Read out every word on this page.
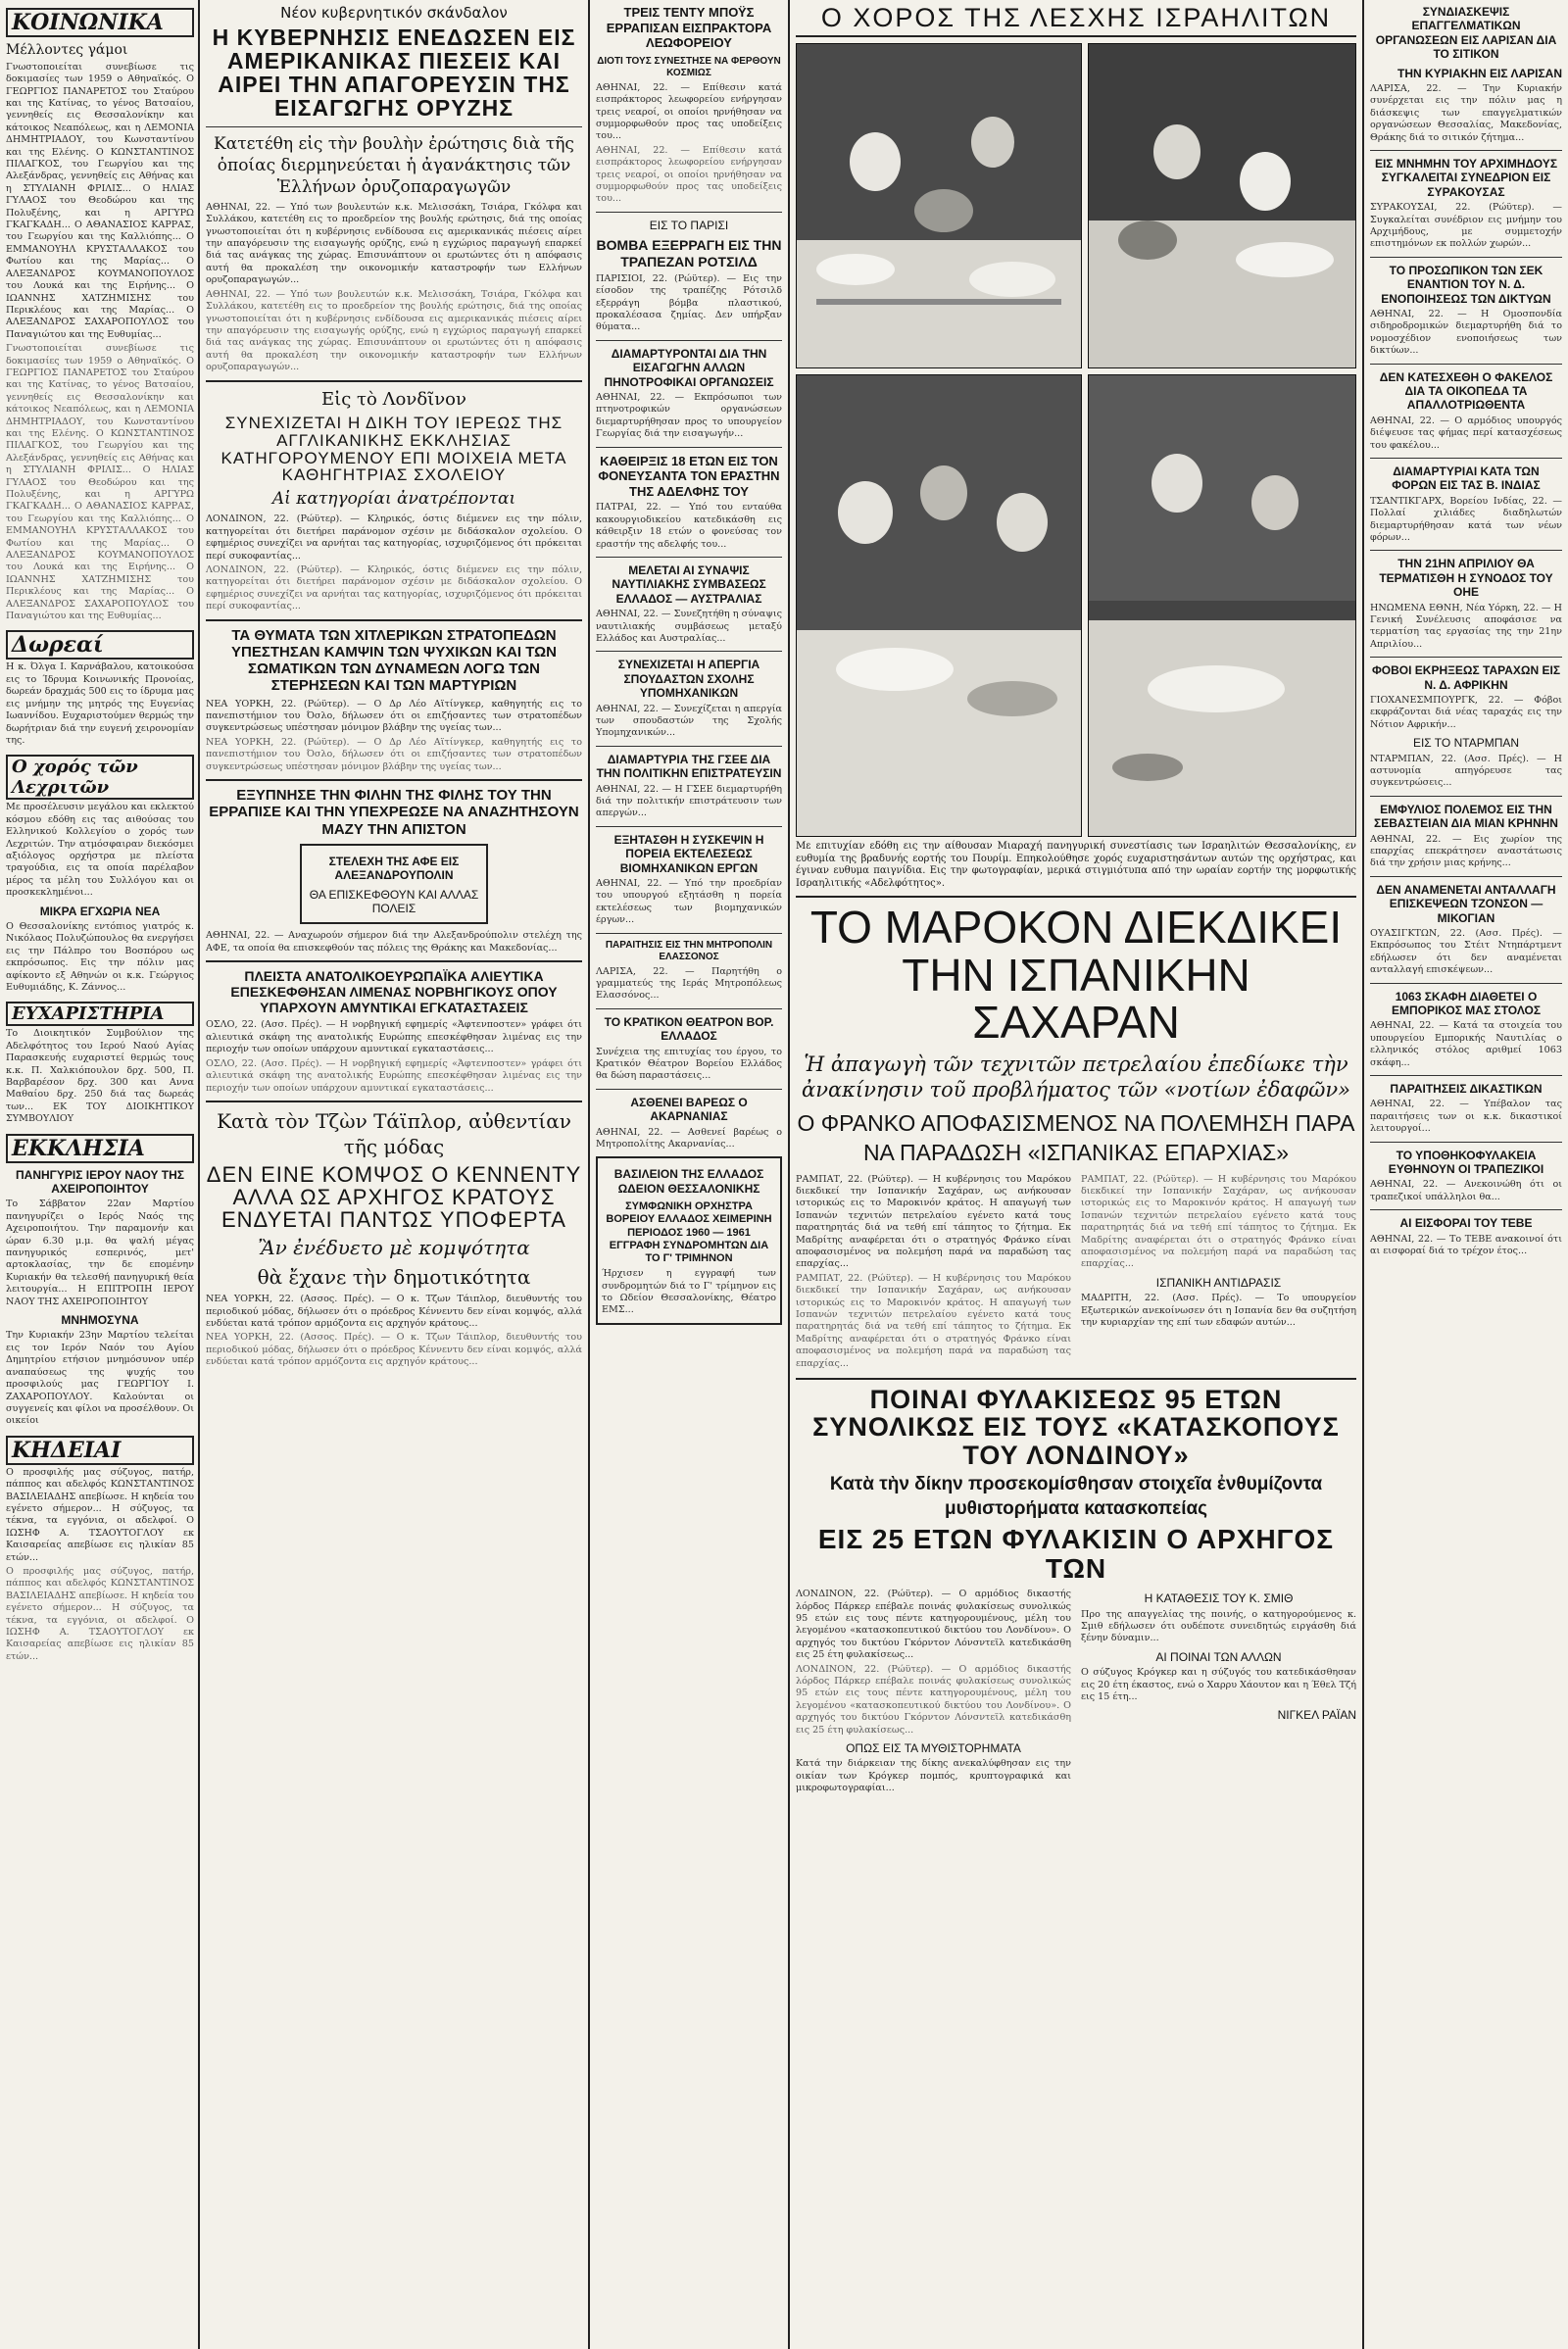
ΚΟΙΝΩΝΙΚΑ
Μέλλοντες γάμοι

Γνωστοποιείται συνεβίωσε τις δοκιμασίες των 1959 ο Αθηναϊκός. Ο ΓΕΩΡΓΙΟΣ ΠΑΝΑΡΕΤΟΣ του Σταύρου και της Κατίνας, το γένος Βατσαίου, γεννηθείς εις Θεσσαλονίκην και κάτοικος Νεαπόλεως, και η ΛΕΜΟΝΙΑ ΔΗΜΗΤΡΙΑΔΟΥ, του Κωνσταντίνου και της Ελένης. Ο ΚΩΝΣΤΑΝΤΙΝΟΣ ΠΙΛΑΓΚΟΣ, του Γεωργίου και της Αλεξάνδρας, γεννηθείς εις Αθήνας και η ΣΤΥΛΙΑΝΗ ΦΡΙΛΙΣ... Ο ΗΛΙΑΣ ΓΥΛΑΟΣ του Θεοδώρου και της Πολυξένης, και η ΑΡΓΥΡΩ ΓΚΑΓΚΑΔΗ... Ο ΑΘΑΝΑΣΙΟΣ ΚΑΡΡΑΣ, του Γεωργίου και της Καλλιόπης... Ο ΕΜΜΑΝΟΥΗΛ ΚΡΥΣΤΑΛΛΑΚΟΣ του Φωτίου και της Μαρίας... Ο ΑΛΕΞΑΝΔΡΟΣ ΚΟΥΜΑΝΟΠΟΥΛΟΣ του Λουκά και της Ειρήνης... Ο ΙΩΑΝΝΗΣ ΧΑΤΖΗΜΙΣΗΣ του Περικλέους και της Μαρίας... Ο ΑΛΕΞΑΝΔΡΟΣ ΣΑΧΑΡΟΠΟΥΛΟΣ του Παναγιώτου και της Ευθυμίας...

Γνωστοποιείται συνεβίωσε τις δοκιμασίες των 1959 ο Αθηναϊκός. Ο ΓΕΩΡΓΙΟΣ ΠΑΝΑΡΕΤΟΣ του Σταύρου και της Κατίνας, το γένος Βατσαίου, γεννηθείς εις Θεσσαλονίκην και κάτοικος Νεαπόλεως, και η ΛΕΜΟΝΙΑ ΔΗΜΗΤΡΙΑΔΟΥ, του Κωνσταντίνου και της Ελένης. Ο ΚΩΝΣΤΑΝΤΙΝΟΣ ΠΙΛΑΓΚΟΣ, του Γεωργίου και της Αλεξάνδρας, γεννηθείς εις Αθήνας και η ΣΤΥΛΙΑΝΗ ΦΡΙΛΙΣ... Ο ΗΛΙΑΣ ΓΥΛΑΟΣ του Θεοδώρου και της Πολυξένης, και η ΑΡΓΥΡΩ ΓΚΑΓΚΑΔΗ... Ο ΑΘΑΝΑΣΙΟΣ ΚΑΡΡΑΣ, του Γεωργίου και της Καλλιόπης... Ο ΕΜΜΑΝΟΥΗΛ ΚΡΥΣΤΑΛΛΑΚΟΣ του Φωτίου και της Μαρίας... Ο ΑΛΕΞΑΝΔΡΟΣ ΚΟΥΜΑΝΟΠΟΥΛΟΣ του Λουκά και της Ειρήνης... Ο ΙΩΑΝΝΗΣ ΧΑΤΖΗΜΙΣΗΣ του Περικλέους και της Μαρίας... Ο ΑΛΕΞΑΝΔΡΟΣ ΣΑΧΑΡΟΠΟΥΛΟΣ του Παναγιώτου και της Ευθυμίας...

Δωρεαί

Η κ. Όλγα Ι. Καρνάβαλου, κατοικούσα εις το Ίδρυμα Κοινωνικής Προνοίας, δωρεάν δραχμάς 500 εις το ίδρυμα μας εις μνήμην της μητρός της Ευγενίας Ιωαννίδου. Ευχαριστούμεν θερμώς την δωρήτριαν διά την ευγενή χειρονομίαν της.

Ο χορός τῶν Λεχριτῶν

Με προσέλευσιν μεγάλου και εκλεκτού κόσμου εδόθη εις τας αιθούσας του Ελληνικού Κολλεγίου ο χορός των Λεχριτών. Την ατμόσφαιραν διεκόσμει αξιόλογος ορχήστρα με πλείστα τραγούδια, εις τα οποία παρέλαβον μέρος τα μέλη του Συλλόγου και οι προσκεκλημένοι...

ΜΙΚΡΑ ΕΓΧΩΡΙΑ ΝΕΑ

Ο Θεσσαλονίκης εντόπιος γιατρός κ. Νικόλαος Πολυζώπουλος θα ενεργήσει εις την Πάλπρο του Βοσπόρου ως εκπρόσωπος. Εις την πόλιν μας αφίκοντο εξ Αθηνών οι κ.κ. Γεώργιος Ευθυμιάδης, Κ. Ζάννος...

ΕΥΧΑΡΙΣΤΗΡΙΑ

Το Διοικητικόν Συμβούλιον της Αδελφότητος του Ιερού Ναού Αγίας Παρασκευής ευχαριστεί θερμώς τους κ.κ. Π. Χαλκιόπουλον δρχ. 500, Π. Βαρβαρέσον δρχ. 300 και Αννα Μαθαίου δρχ. 250 διά τας δωρεάς των... ΕΚ ΤΟΥ ΔΙΟΙΚΗΤΙΚΟΥ ΣΥΜΒΟΥΛΙΟΥ

ΕΚΚΛΗΣΙΑ
ΠΑΝΗΓΥΡΙΣ ΙΕΡΟΥ ΝΑΟΥ ΤΗΣ ΑΧΕΙΡΟΠΟΙΗΤΟΥ

Το Σάββατον 22αν Μαρτίου πανηγυρίζει ο Ιερός Ναός της Αχειροποιήτου. Την παραμονήν και ώραν 6.30 μ.μ. θα ψαλή μέγας πανηγυρικός εσπερινός, μετ' αρτοκλασίας, την δε επομένην Κυριακήν θα τελεσθή πανηγυρική θεία λειτουργία... Η ΕΠΙΤΡΟΠΗ ΙΕΡΟΥ ΝΑΟΥ ΤΗΣ ΑΧΕΙΡΟΠΟΙΗΤΟΥ

ΜΝΗΜΟΣΥΝΑ

Την Κυριακήν 23ην Μαρτίου τελείται εις τον Ιερόν Ναόν του Αγίου Δημητρίου ετήσιον μνημόσυνον υπέρ αναπαύσεως της ψυχής του προσφιλούς μας ΓΕΩΡΓΙΟΥ Ι. ΖΑΧΑΡΟΠΟΥΛΟΥ. Καλούνται οι συγγενείς και φίλοι να προσέλθουν. Οι οικείοι

ΚΗΔΕΙΑΙ

Ο προσφιλής μας σύζυγος, πατήρ, πάππος και αδελφός ΚΩΝΣΤΑΝΤΙΝΟΣ ΒΑΣΙΛΕΙΑΔΗΣ απεβίωσε. Η κηδεία του εγένετο σήμερον... Η σύζυγος, τα τέκνα, τα εγγόνια, οι αδελφοί. Ο ΙΩΣΗΦ Α. ΤΣΑΟΥΤΟΓΛΟΥ εκ Καισαρείας απεβίωσε εις ηλικίαν 85 ετών...

Ο προσφιλής μας σύζυγος, πατήρ, πάππος και αδελφός ΚΩΝΣΤΑΝΤΙΝΟΣ ΒΑΣΙΛΕΙΑΔΗΣ απεβίωσε. Η κηδεία του εγένετο σήμερον... Η σύζυγος, τα τέκνα, τα εγγόνια, οι αδελφοί. Ο ΙΩΣΗΦ Α. ΤΣΑΟΥΤΟΓΛΟΥ εκ Καισαρείας απεβίωσε εις ηλικίαν 85 ετών...

Νέον κυβερνητικόν σκάνδαλον
Η ΚΥΒΕΡΝΗΣΙΣ ΕΝΕΔΩΣΕΝ ΕΙΣ ΑΜΕΡΙΚΑΝΙΚΑΣ ΠΙΕΣΕΙΣ ΚΑΙ ΑΙΡΕΙ ΤΗΝ ΑΠΑΓΟΡΕΥΣΙΝ ΤΗΣ ΕΙΣΑΓΩΓΗΣ ΟΡΥΖΗΣ
Κατετέθη εἰς τὴν βουλὴν ἐρώτησις διὰ τῆς ὁποίας διερμηνεύεται ἡ ἀγανάκτησις τῶν Ἑλλήνων ὀρυζοπαραγωγῶν

ΑΘΗΝΑΙ, 22. — Υπό των βουλευτών κ.κ. Μελισσάκη, Τσιάρα, Γκόλφα και Συλλάκου, κατετέθη εις το προεδρείον της βουλής ερώτησις, διά της οποίας γνωστοποιείται ότι η κυβέρνησις ενδίδουσα εις αμερικανικάς πιέσεις αίρει την απαγόρευσιν της εισαγωγής ορύζης, ενώ η εγχώριος παραγωγή επαρκεί διά τας ανάγκας της χώρας. Επισυνάπτουν οι ερωτώντες ότι η απόφασις αυτή θα προκαλέση την οικονομικήν καταστροφήν των Ελλήνων ορυζοπαραγωγών...

ΑΘΗΝΑΙ, 22. — Υπό των βουλευτών κ.κ. Μελισσάκη, Τσιάρα, Γκόλφα και Συλλάκου, κατετέθη εις το προεδρείον της βουλής ερώτησις, διά της οποίας γνωστοποιείται ότι η κυβέρνησις ενδίδουσα εις αμερικανικάς πιέσεις αίρει την απαγόρευσιν της εισαγωγής ορύζης, ενώ η εγχώριος παραγωγή επαρκεί διά τας ανάγκας της χώρας. Επισυνάπτουν οι ερωτώντες ότι η απόφασις αυτή θα προκαλέση την οικονομικήν καταστροφήν των Ελλήνων ορυζοπαραγωγών...

Εἰς τὸ Λονδῖνον
ΣΥΝΕΧΙΖΕΤΑΙ Η ΔΙΚΗ ΤΟΥ ΙΕΡΕΩΣ ΤΗΣ ΑΓΓΛΙΚΑΝΙΚΗΣ ΕΚΚΛΗΣΙΑΣ ΚΑΤΗΓΟΡΟΥΜΕΝΟΥ ΕΠΙ ΜΟΙΧΕΙΑ ΜΕΤΑ ΚΑΘΗΓΗΤΡΙΑΣ ΣΧΟΛΕΙΟΥ
Αἱ κατηγορίαι ἀνατρέπονται

ΛΟΝΔΙΝΟΝ, 22. (Ρώϋτερ). — Κληρικός, όστις διέμενεν εις την πόλιν, κατηγορείται ότι διετήρει παράνομον σχέσιν με διδάσκαλον σχολείου. Ο εφημέριος συνεχίζει να αρνήται τας κατηγορίας, ισχυριζόμενος ότι πρόκειται περί συκοφαντίας...

ΛΟΝΔΙΝΟΝ, 22. (Ρώϋτερ). — Κληρικός, όστις διέμενεν εις την πόλιν, κατηγορείται ότι διετήρει παράνομον σχέσιν με διδάσκαλον σχολείου. Ο εφημέριος συνεχίζει να αρνήται τας κατηγορίας, ισχυριζόμενος ότι πρόκειται περί συκοφαντίας...

ΤΑ ΘΥΜΑΤΑ ΤΩΝ ΧΙΤΛΕΡΙΚΩΝ ΣΤΡΑΤΟΠΕΔΩΝ ΥΠΕΣΤΗΣΑΝ ΚΑΜΨΙΝ ΤΩΝ ΨΥΧΙΚΩΝ ΚΑΙ ΤΩΝ ΣΩΜΑΤΙΚΩΝ ΤΩΝ ΔΥΝΑΜΕΩΝ ΛΟΓΩ ΤΩΝ ΣΤΕΡΗΣΕΩΝ ΚΑΙ ΤΩΝ ΜΑΡΤΥΡΙΩΝ

ΝΕΑ ΥΟΡΚΗ, 22. (Ρώϋτερ). — Ο Δρ Λέο Αϊτίνγκερ, καθηγητής εις το πανεπιστήμιον του Όσλο, δήλωσεν ότι οι επιζήσαντες των στρατοπέδων συγκεντρώσεως υπέστησαν μόνιμον βλάβην της υγείας των...

ΝΕΑ ΥΟΡΚΗ, 22. (Ρώϋτερ). — Ο Δρ Λέο Αϊτίνγκερ, καθηγητής εις το πανεπιστήμιον του Όσλο, δήλωσεν ότι οι επιζήσαντες των στρατοπέδων συγκεντρώσεως υπέστησαν μόνιμον βλάβην της υγείας των...

ΕΞΥΠΝΗΣΕ ΤΗΝ ΦΙΛΗΝ ΤΗΣ ΦΙΛΗΣ ΤΟΥ ΤΗΝ ΕΡΡΑΠΙΣΕ ΚΑΙ ΤΗΝ ΥΠΕΧΡΕΩΣΕ ΝΑ ΑΝΑΖΗΤΗΣΟΥΝ ΜΑΖΥ ΤΗΝ ΑΠΙΣΤΟΝ
ΣΤΕΛΕΧΗ ΤΗΣ ΑΦΕ ΕΙΣ ΑΛΕΞΑΝΔΡΟΥΠΟΛΙΝ
ΘΑ ΕΠΙΣΚΕΦΘΟΥΝ ΚΑΙ ΑΛΛΑΣ ΠΟΛΕΙΣ

ΑΘΗΝΑΙ, 22. — Αναχωρούν σήμερον διά την Αλεξανδρούπολιν στελέχη της ΑΦΕ, τα οποία θα επισκεφθούν τας πόλεις της Θράκης και Μακεδονίας...

ΠΛΕΙΣΤΑ ΑΝΑΤΟΛΙΚΟΕΥΡΩΠΑΪΚΑ ΑΛΙΕΥΤΙΚΑ ΕΠΕΣΚΕΦΘΗΣΑΝ ΛΙΜΕΝΑΣ ΝΟΡΒΗΓΙΚΟΥΣ ΟΠΟΥ ΥΠΑΡΧΟΥΝ ΑΜΥΝΤΙΚΑΙ ΕΓΚΑΤΑΣΤΑΣΕΙΣ

ΟΣΛΟ, 22. (Ασσ. Πρές). — Η νορβηγική εφημερίς «Άφτενποστεν» γράφει ότι αλιευτικά σκάφη της ανατολικής Ευρώπης επεσκέφθησαν λιμένας εις την περιοχήν των οποίων υπάρχουν αμυντικαί εγκαταστάσεις...

ΟΣΛΟ, 22. (Ασσ. Πρές). — Η νορβηγική εφημερίς «Άφτενποστεν» γράφει ότι αλιευτικά σκάφη της ανατολικής Ευρώπης επεσκέφθησαν λιμένας εις την περιοχήν των οποίων υπάρχουν αμυντικαί εγκαταστάσεις...

Κατὰ τὸν Τζὼν Τάϊπλορ, αὐθεντίαν τῆς μόδας
ΔΕΝ ΕΙΝΕ ΚΟΜΨΟΣ Ο ΚΕΝΝΕΝΤΥ ΑΛΛΑ ΩΣ ΑΡΧΗΓΟΣ ΚΡΑΤΟΥΣ ΕΝΔΥΕΤΑΙ ΠΑΝΤΩΣ ΥΠΟΦΕΡΤΑ
Ἂν ἐνέδυετο μὲ κομψότητα
θὰ ἔχανε τὴν δημοτικότητα

ΝΕΑ ΥΟΡΚΗ, 22. (Ασσος. Πρές). — Ο κ. Τζων Τάιπλορ, διευθυντής του περιοδικού μόδας, δήλωσεν ότι ο πρόεδρος Κέννεντυ δεν είναι κομψός, αλλά ενδύεται κατά τρόπον αρμόζοντα εις αρχηγόν κράτους...

ΝΕΑ ΥΟΡΚΗ, 22. (Ασσος. Πρές). — Ο κ. Τζων Τάιπλορ, διευθυντής του περιοδικού μόδας, δήλωσεν ότι ο πρόεδρος Κέννεντυ δεν είναι κομψός, αλλά ενδύεται κατά τρόπον αρμόζοντα εις αρχηγόν κράτους...

ΤΡΕΙΣ ΤΕΝΤΥ ΜΠΟΫΣ ΕΡΡΑΠΙΣΑΝ ΕΙΣΠΡΑΚΤΟΡΑ ΛΕΩΦΟΡΕΙΟΥ
ΔΙΟΤΙ ΤΟΥΣ ΣΥΝΕΣΤΗΣΕ ΝΑ ΦΕΡΘΟΥΝ ΚΟΣΜΙΩΣ

ΑΘΗΝΑΙ, 22. — Επίθεσιν κατά εισπράκτορος λεωφορείου ενήργησαν τρεις νεαροί, οι οποίοι ηρνήθησαν να συμμορφωθούν προς τας υποδείξεις του...

ΑΘΗΝΑΙ, 22. — Επίθεσιν κατά εισπράκτορος λεωφορείου ενήργησαν τρεις νεαροί, οι οποίοι ηρνήθησαν να συμμορφωθούν προς τας υποδείξεις του...

ΕΙΣ ΤΟ ΠΑΡΙΣΙ
ΒΟΜΒΑ ΕΞΕΡΡΑΓΗ ΕΙΣ ΤΗΝ ΤΡΑΠΕΖΑΝ ΡΟΤΣΙΛΔ

ΠΑΡΙΣΙΟΙ, 22. (Ρώϋτερ). — Εις την είσοδον της τραπέζης Ρότσιλδ εξερράγη βόμβα πλαστικού, προκαλέσασα ζημίας. Δεν υπήρξαν θύματα...

ΔΙΑΜΑΡΤΥΡΟΝΤΑΙ ΔΙΑ ΤΗΝ ΕΙΣΑΓΩΓΗΝ ΑΛΛΩΝ ΠΗΝΟΤΡΟΦΙΚΑΙ ΟΡΓΑΝΩΣΕΙΣ

ΑΘΗΝΑΙ, 22. — Εκπρόσωποι των πτηνοτροφικών οργανώσεων διεμαρτυρήθησαν προς το υπουργείον Γεωργίας διά την εισαγωγήν...

ΚΑΘΕΙΡΞΙΣ 18 ΕΤΩΝ ΕΙΣ ΤΟΝ ΦΟΝΕΥΣΑΝΤΑ ΤΟΝ ΕΡΑΣΤΗΝ ΤΗΣ ΑΔΕΛΦΗΣ ΤΟΥ

ΠΑΤΡΑΙ, 22. — Υπό του ενταύθα κακουργιοδικείου κατεδικάσθη εις κάθειρξιν 18 ετών ο φονεύσας τον εραστήν της αδελφής του...

ΜΕΛΕΤΑΙ ΑΙ ΣΥΝΑΨΙΣ ΝΑΥΤΙΛΙΑΚΗΣ ΣΥΜΒΑΣΕΩΣ ΕΛΛΑΔΟΣ — ΑΥΣΤΡΑΛΙΑΣ

ΑΘΗΝΑΙ, 22. — Συνεζητήθη η σύναψις ναυτιλιακής συμβάσεως μεταξύ Ελλάδος και Αυστραλίας...

ΣΥΝΕΧΙΖΕΤΑΙ Η ΑΠΕΡΓΙΑ ΣΠΟΥΔΑΣΤΩΝ ΣΧΟΛΗΣ ΥΠΟΜΗΧΑΝΙΚΩΝ

ΑΘΗΝΑΙ, 22. — Συνεχίζεται η απεργία των σπουδαστών της Σχολής Υπομηχανικών...

ΔΙΑΜΑΡΤΥΡΙΑ ΤΗΣ ΓΣΕΕ ΔΙΑ ΤΗΝ ΠΟΛΙΤΙΚΗΝ ΕΠΙΣΤΡΑΤΕΥΣΙΝ

ΑΘΗΝΑΙ, 22. — Η ΓΣΕΕ διεμαρτυρήθη διά την πολιτικήν επιστράτευσιν των απεργών...

ΕΞΗΤΑΣΘΗ Η ΣΥΣΚΕΨΙΝ Η ΠΟΡΕΙΑ ΕΚΤΕΛΕΣΕΩΣ ΒΙΟΜΗΧΑΝΙΚΩΝ ΕΡΓΩΝ

ΑΘΗΝΑΙ, 22. — Υπό την προεδρίαν του υπουργού εξητάσθη η πορεία εκτελέσεως των βιομηχανικών έργων...

ΠΑΡΑΙΤΗΣΙΣ ΕΙΣ ΤΗΝ ΜΗΤΡΟΠΟΛΙΝ ΕΛΑΣΣΟΝΟΣ

ΛΑΡΙΣΑ, 22. — Παρητήθη ο γραμματεύς της Ιεράς Μητροπόλεως Ελασσόνος...

ΤΟ ΚΡΑΤΙΚΟΝ ΘΕΑΤΡΟΝ ΒΟΡ. ΕΛΛΑΔΟΣ

Συνέχεια της επιτυχίας του έργου, το Κρατικόν Θέατρον Βορείου Ελλάδος θα δώση παραστάσεις...

ΑΣΘΕΝΕΙ ΒΑΡΕΩΣ Ο ΑΚΑΡΝΑΝΙΑΣ

ΑΘΗΝΑΙ, 22. — Ασθενεί βαρέως ο Μητροπολίτης Ακαρνανίας...

ΒΑΣΙΛΕΙΟΝ ΤΗΣ ΕΛΛΑΔΟΣ ΩΔΕΙΟΝ ΘΕΣΣΑΛΟΝΙΚΗΣ
ΣΥΜΦΩΝΙΚΗ ΟΡΧΗΣΤΡΑ ΒΟΡΕΙΟΥ ΕΛΛΑΔΟΣ ΧΕΙΜΕΡΙΝΗ ΠΕΡΙΟΔΟΣ 1960 — 1961 ΕΓΓΡΑΦΗ ΣΥΝΔΡΟΜΗΤΩΝ ΔΙΑ ΤΟ Γ' ΤΡΙΜΗΝΟΝ

Ήρχισεν η εγγραφή των συνδρομητών διά το Γ' τρίμηνον εις το Ωδείον Θεσσαλονίκης, Θέατρο ΕΜΣ...

Ο ΧΟΡΟΣ ΤΗΣ ΛΕΣΧΗΣ ΙΣΡΑΗΛΙΤΩΝ

Με επιτυχίαν εδόθη εις την αίθουσαν Μιαραχή πανηγυρική συνεστίασις των Ισραηλιτών Θεσσαλονίκης, εν ευθυμία της βραδυνής εορτής του Πουρίμ. Επηκολούθησε χορός ευχαριστησάντων αυτών της ορχήστρας, και έγιναν ευθυμα παιγνίδια. Εις την φωτογραφίαν, μερικά στιγμιότυπα από την ωραίαν εορτήν της μορφωτικής Ισραηλιτικής «Αδελφότητος».

ΤΟ ΜΑΡΟΚΟΝ ΔΙΕΚΔΙΚΕΙ ΤΗΝ ΙΣΠΑΝΙΚΗΝ ΣΑΧΑΡΑΝ
Ἡ ἀπαγωγὴ τῶν τεχνιτῶν πετρελαίου ἐπεδίωκε τὴν ἀνακίνησιν τοῦ προβλήματος τῶν «νοτίων ἐδαφῶν»
Ο ΦΡΑΝΚΟ ΑΠΟΦΑΣΙΣΜΕΝΟΣ ΝΑ ΠΟΛΕΜΗΣΗ ΠΑΡΑ ΝΑ ΠΑΡΑΔΩΣΗ «ΙΣΠΑΝΙΚΑΣ ΕΠΑΡΧΙΑΣ»

ΡΑΜΠΑΤ, 22. (Ρώϋτερ). — Η κυβέρνησις του Μαρόκου διεκδικεί την Ισπανικήν Σαχάραν, ως ανήκουσαν ιστορικώς εις το Μαροκινόν κράτος. Η απαγωγή των Ισπανών τεχνιτών πετρελαίου εγένετο κατά τους παρατηρητάς διά να τεθή επί τάπητος το ζήτημα. Εκ Μαδρίτης αναφέρεται ότι ο στρατηγός Φράνκο είναι αποφασισμένος να πολεμήση παρά να παραδώση τας επαρχίας...

ΡΑΜΠΑΤ, 22. (Ρώϋτερ). — Η κυβέρνησις του Μαρόκου διεκδικεί την Ισπανικήν Σαχάραν, ως ανήκουσαν ιστορικώς εις το Μαροκινόν κράτος. Η απαγωγή των Ισπανών τεχνιτών πετρελαίου εγένετο κατά τους παρατηρητάς διά να τεθή επί τάπητος το ζήτημα. Εκ Μαδρίτης αναφέρεται ότι ο στρατηγός Φράνκο είναι αποφασισμένος να πολεμήση παρά να παραδώση τας επαρχίας...

ΡΑΜΠΑΤ, 22. (Ρώϋτερ). — Η κυβέρνησις του Μαρόκου διεκδικεί την Ισπανικήν Σαχάραν, ως ανήκουσαν ιστορικώς εις το Μαροκινόν κράτος. Η απαγωγή των Ισπανών τεχνιτών πετρελαίου εγένετο κατά τους παρατηρητάς διά να τεθή επί τάπητος το ζήτημα. Εκ Μαδρίτης αναφέρεται ότι ο στρατηγός Φράνκο είναι αποφασισμένος να πολεμήση παρά να παραδώση τας επαρχίας...

ΙΣΠΑΝΙΚΗ ΑΝΤΙΔΡΑΣΙΣ

ΜΑΔΡΙΤΗ, 22. (Ασσ. Πρές). — Το υπουργείον Εξωτερικών ανεκοίνωσεν ότι η Ισπανία δεν θα συζητήση την κυριαρχίαν της επί των εδαφών αυτών...

ΠΟΙΝΑΙ ΦΥΛΑΚΙΣΕΩΣ 95 ΕΤΩΝ ΣΥΝΟΛΙΚΩΣ ΕΙΣ ΤΟΥΣ «ΚΑΤΑΣΚΟΠΟΥΣ ΤΟΥ ΛΟΝΔΙΝΟΥ»
Κατὰ τὴν δίκην προσεκομίσθησαν στοιχεῖα ἐνθυμίζοντα μυθιστορήματα κατασκοπείας
ΕΙΣ 25 ΕΤΩΝ ΦΥΛΑΚΙΣΙΝ Ο ΑΡΧΗΓΟΣ ΤΩΝ

ΛΟΝΔΙΝΟΝ, 22. (Ρώϋτερ). — Ο αρμόδιος δικαστής λόρδος Πάρκερ επέβαλε ποινάς φυλακίσεως συνολικώς 95 ετών εις τους πέντε κατηγορουμένους, μέλη του λεγομένου «κατασκοπευτικού δικτύου του Λονδίνου». Ο αρχηγός του δικτύου Γκόρντον Λόνσντεϊλ κατεδικάσθη εις 25 έτη φυλακίσεως...

ΛΟΝΔΙΝΟΝ, 22. (Ρώϋτερ). — Ο αρμόδιος δικαστής λόρδος Πάρκερ επέβαλε ποινάς φυλακίσεως συνολικώς 95 ετών εις τους πέντε κατηγορουμένους, μέλη του λεγομένου «κατασκοπευτικού δικτύου του Λονδίνου». Ο αρχηγός του δικτύου Γκόρντον Λόνσντεϊλ κατεδικάσθη εις 25 έτη φυλακίσεως...

ΟΠΩΣ ΕΙΣ ΤΑ ΜΥΘΙΣΤΟΡΗΜΑΤΑ

Κατά την διάρκειαν της δίκης ανεκαλύφθησαν εις την οικίαν των Κρόγκερ πομπός, κρυπτογραφικά και μικροφωτογραφίαι...

Η ΚΑΤΑΘΕΣΙΣ ΤΟΥ Κ. ΣΜΙΘ

Προ της απαγγελίας της ποινής, ο κατηγορούμενος κ. Σμιθ εδήλωσεν ότι ουδέποτε συνειδητώς ειργάσθη διά ξένην δύναμιν...

ΑΙ ΠΟΙΝΑΙ ΤΩΝ ΑΛΛΩΝ

Ο σύζυγος Κρόγκερ και η σύζυγός του κατεδικάσθησαν εις 20 έτη έκαστος, ενώ ο Χαρρυ Χάουτον και η Έθελ Τζή εις 15 έτη...

ΝΙΓΚΕΛ ΡΑΪΑΝ
ΣΥΝΔΙΑΣΚΕΨΙΣ ΕΠΑΓΓΕΛΜΑΤΙΚΩΝ ΟΡΓΑΝΩΣΕΩΝ ΕΙΣ ΛΑΡΙΣΑΝ ΔΙΑ ΤΟ ΣΙΤΙΚΟΝ
ΤΗΝ ΚΥΡΙΑΚΗΝ ΕΙΣ ΛΑΡΙΣΑΝ

ΛΑΡΙΣΑ, 22. — Την Κυριακήν συνέρχεται εις την πόλιν μας η διάσκεψις των επαγγελματικών οργανώσεων Θεσσαλίας, Μακεδονίας, Θράκης διά το σιτικόν ζήτημα...

ΕΙΣ ΜΝΗΜΗΝ ΤΟΥ ΑΡΧΙΜΗΔΟΥΣ ΣΥΓΚΑΛΕΙΤΑΙ ΣΥΝΕΔΡΙΟΝ ΕΙΣ ΣΥΡΑΚΟΥΣΑΣ

ΣΥΡΑΚΟΥΣΑΙ, 22. (Ρώϋτερ). — Συγκαλείται συνέδριον εις μνήμην του Αρχιμήδους, με συμμετοχήν επιστημόνων εκ πολλών χωρών...

ΤΟ ΠΡΟΣΩΠΙΚΟΝ ΤΩΝ ΣΕΚ ΕΝΑΝΤΙΟΝ ΤΟΥ Ν. Δ. ΕΝΟΠΟΙΗΣΕΩΣ ΤΩΝ ΔΙΚΤΥΩΝ

ΑΘΗΝΑΙ, 22. — Η Ομοσπονδία σιδηροδρομικών διεμαρτυρήθη διά το νομοσχέδιον ενοποιήσεως των δικτύων...

ΔΕΝ ΚΑΤΕΣΧΕΘΗ Ο ΦΑΚΕΛΟΣ ΔΙΑ ΤΑ ΟΙΚΟΠΕΔΑ ΤΑ ΑΠΑΛΛΟΤΡΙΩΘΕΝΤΑ

ΑΘΗΝΑΙ, 22. — Ο αρμόδιος υπουργός διέψευσε τας φήμας περί κατασχέσεως του φακέλου...

ΔΙΑΜΑΡΤΥΡΙΑΙ ΚΑΤΑ ΤΩΝ ΦΟΡΩΝ ΕΙΣ ΤΑΣ Β. ΙΝΔΙΑΣ

ΤΣΑΝΤΙΚΓΑΡΧ, Βορείου Ινδίας, 22. — Πολλαί χιλιάδες διαδηλωτών διεμαρτυρήθησαν κατά των νέων φόρων...

ΤΗΝ 21ΗΝ ΑΠΡΙΛΙΟΥ ΘΑ ΤΕΡΜΑΤΙΣΘΗ Η ΣΥΝΟΔΟΣ ΤΟΥ ΟΗΕ

ΗΝΩΜΕΝΑ ΕΘΝΗ, Νέα Υόρκη, 22. — Η Γενική Συνέλευσις αποφάσισε να τερματίση τας εργασίας της την 21ην Απριλίου...

ΦΟΒΟΙ ΕΚΡΗΞΕΩΣ ΤΑΡΑΧΩΝ ΕΙΣ Ν. Δ. ΑΦΡΙΚΗΝ

ΓΙΟΧΑΝΕΣΜΠΟΥΡΓΚ, 22. — Φόβοι εκφράζονται διά νέας ταραχάς εις την Νότιον Αφρικήν...

ΕΙΣ ΤΟ ΝΤΑΡΜΠΑΝ

ΝΤΑΡΜΠΑΝ, 22. (Ασσ. Πρές). — Η αστυνομία απηγόρευσε τας συγκεντρώσεις...

ΕΜΦΥΛΙΟΣ ΠΟΛΕΜΟΣ ΕΙΣ ΤΗΝ ΣΕΒΑΣΤΕΙΑΝ ΔΙΑ ΜΙΑΝ ΚΡΗΝΗΝ

ΑΘΗΝΑΙ, 22. — Εις χωρίον της επαρχίας επεκράτησεν αναστάτωσις διά την χρήσιν μιας κρήνης...

ΔΕΝ ΑΝΑΜΕΝΕΤΑΙ ΑΝΤΑΛΛΑΓΗ ΕΠΙΣΚΕΨΕΩΝ ΤΖΟΝΣΟΝ — ΜΙΚΟΓΙΑΝ

ΟΥΑΣΙΓΚΤΩΝ, 22. (Ασσ. Πρές). — Εκπρόσωπος του Στέιτ Ντηπάρτμεντ εδήλωσεν ότι δεν αναμένεται ανταλλαγή επισκέψεων...

1063 ΣΚΑΦΗ ΔΙΑΘΕΤΕΙ Ο ΕΜΠΟΡΙΚΟΣ ΜΑΣ ΣΤΟΛΟΣ

ΑΘΗΝΑΙ, 22. — Κατά τα στοιχεία του υπουργείου Εμπορικής Ναυτιλίας ο ελληνικός στόλος αριθμεί 1063 σκάφη...

ΠΑΡΑΙΤΗΣΕΙΣ ΔΙΚΑΣΤΙΚΩΝ

ΑΘΗΝΑΙ, 22. — Υπέβαλον τας παραιτήσεις των οι κ.κ. δικαστικοί λειτουργοί...

ΤΟ ΥΠΟΘΗΚΟΦΥΛΑΚΕΙΑ ΕΥΘΗΝΟΥΝ ΟΙ ΤΡΑΠΕΖΙΚΟΙ

ΑΘΗΝΑΙ, 22. — Ανεκοινώθη ότι οι τραπεζικοί υπάλληλοι θα...

ΑΙ ΕΙΣΦΟΡΑΙ ΤΟΥ ΤΕΒΕ

ΑΘΗΝΑΙ, 22. — Το ΤΕΒΕ ανακοινοί ότι αι εισφοραί διά το τρέχον έτος...
